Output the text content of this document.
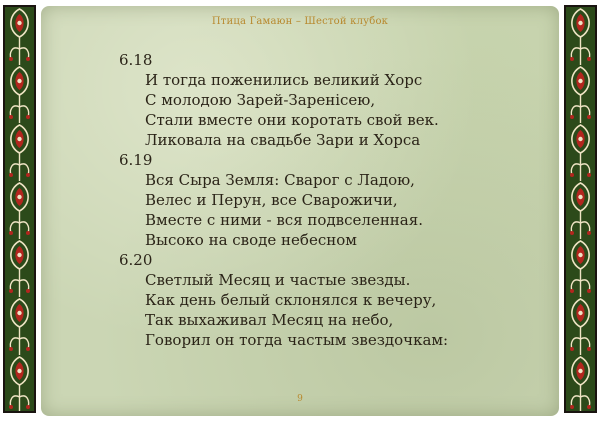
Птица Гамаюн – Шестой клубок

6.18

И тогда поженились великий Хорс

С молодою Зарей-Заренicею,

Стали вместе они коротать свой век.

Ликовала на свадьбе Зари и Хорса

6.19

Вся Сыра Земля: Сварог с Ладою,

Велес и Перун, все Сварожичи,

Вместе с ними - вся подвселенная.

Высоко на своде небесном

6.20

Светлый Месяц и частые звезды.

Как день белый склонялся к вечеру,

Так выхаживал Месяц на небо,

Говорил он тогда частым звездочкам:

9
